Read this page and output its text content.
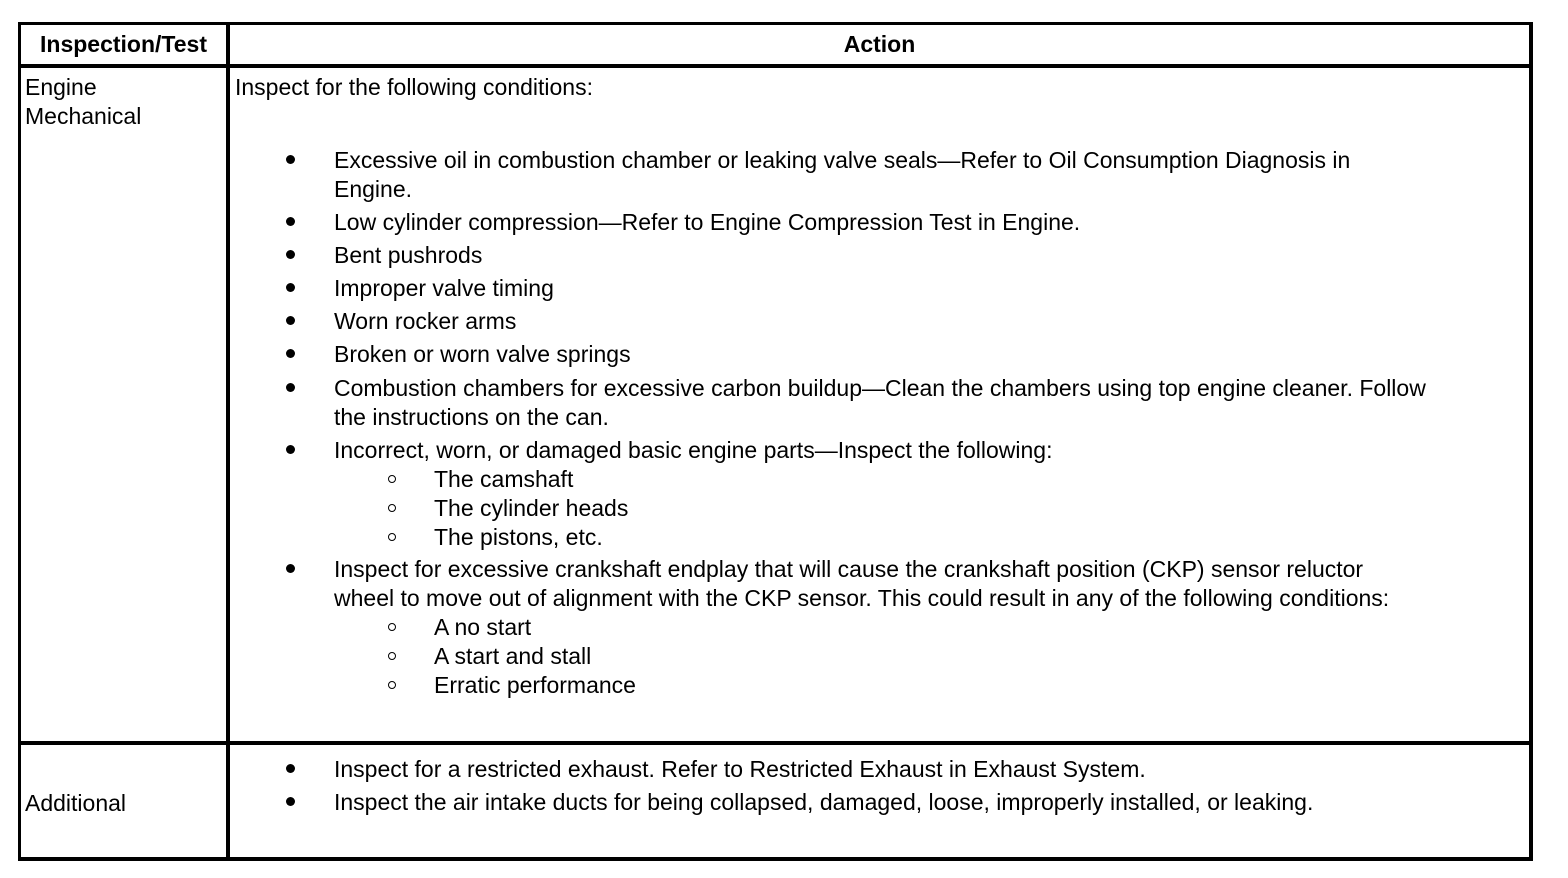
Inspection/Test	Action
Engine
Mechanical
Inspect for the following conditions:
Excessive oil in combustion chamber or leaking valve seals—Refer to Oil Consumption Diagnosis in
Engine.
Low cylinder compression—Refer to Engine Compression Test in Engine.
Bent pushrods
Improper valve timing
Worn rocker arms
Broken or worn valve springs
Combustion chambers for excessive carbon buildup—Clean the chambers using top engine cleaner. Follow
the instructions on the can.
Incorrect, worn, or damaged basic engine parts—Inspect the following:
The camshaft
The cylinder heads
The pistons, etc.
Inspect for excessive crankshaft endplay that will cause the crankshaft position (CKP) sensor reluctor
wheel to move out of alignment with the CKP sensor. This could result in any of the following conditions:
A no start
A start and stall
Erratic performance
Additional
Inspect for a restricted exhaust. Refer to Restricted Exhaust in Exhaust System.
Inspect the air intake ducts for being collapsed, damaged, loose, improperly installed, or leaking.
